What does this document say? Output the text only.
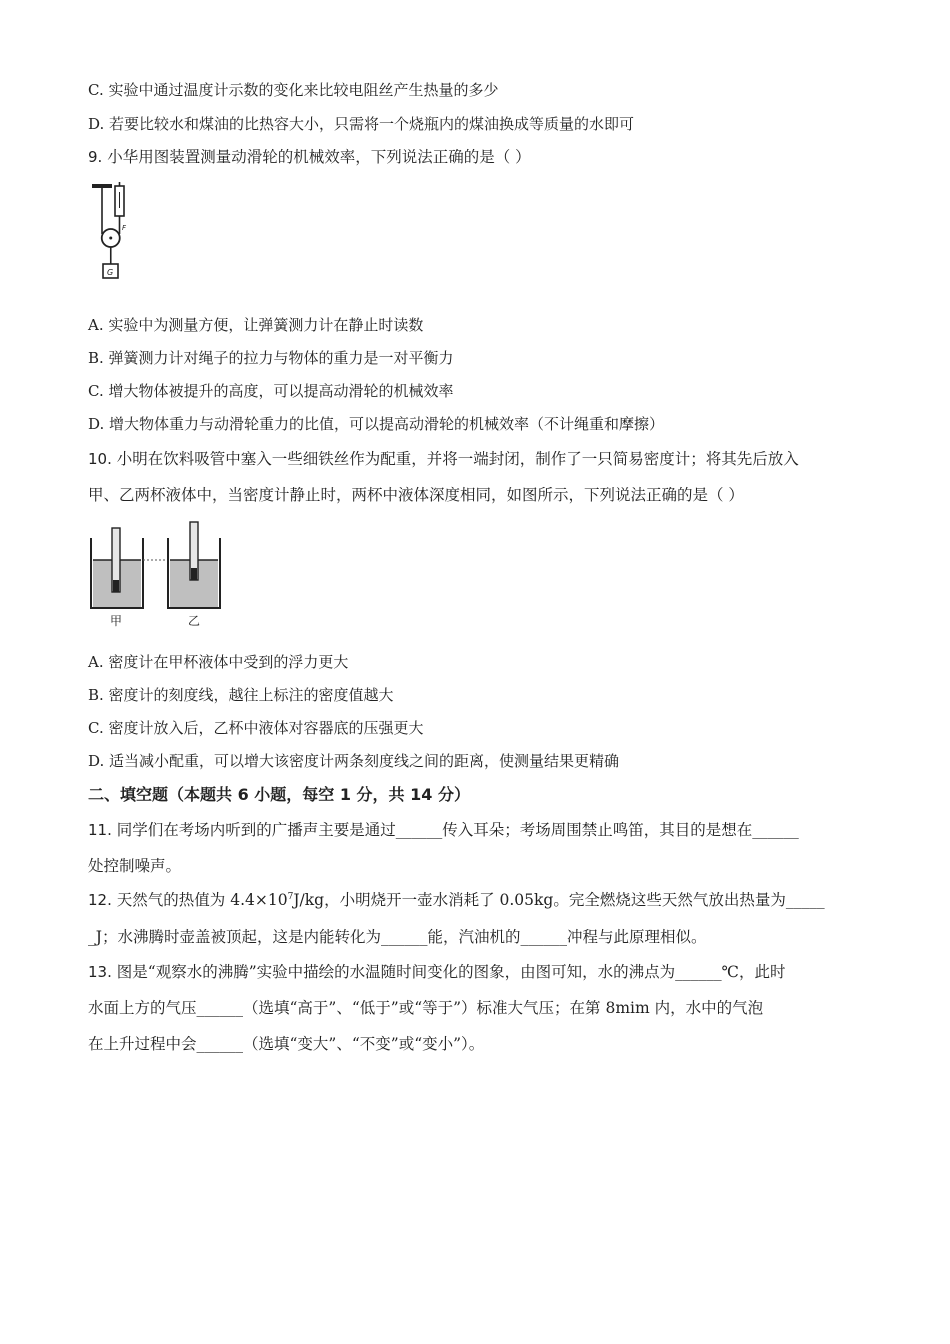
C. 实验中通过温度计示数的变化来比较电阻丝产生热量的多少
D. 若要比较水和煤油的比热容大小，只需将一个烧瓶内的煤油换成等质量的水即可
9. 小华用图装置测量动滑轮的机械效率，下列说法正确的是（ ）
F
G
A. 实验中为测量方便，让弹簧测力计在静止时读数
B. 弹簧测力计对绳子的拉力与物体的重力是一对平衡力
C. 增大物体被提升的高度，可以提高动滑轮的机械效率
D. 增大物体重力与动滑轮重力的比值，可以提高动滑轮的机械效率（不计绳重和摩擦）
10. 小明在饮料吸管中塞入一些细铁丝作为配重，并将一端封闭，制作了一只简易密度计；将其先后放入
甲、乙两杯液体中，当密度计静止时，两杯中液体深度相同，如图所示，下列说法正确的是（ ）
甲	乙
A. 密度计在甲杯液体中受到的浮力更大
B. 密度计的刻度线，越往上标注的密度值越大
C. 密度计放入后，乙杯中液体对容器底的压强更大
D. 适当减小配重，可以增大该密度计两条刻度线之间的距离，使测量结果更精确
二、填空题（本题共 6 小题，每空 1 分，共 14 分）
11. 同学们在考场内听到的广播声主要是通过______传入耳朵；考场周围禁止鸣笛，其目的是想在______
处控制噪声。
12. 天然气的热值为 $4.4\times 10^7J/kg$，小明烧开一壶水消耗了 0.05kg。完全燃烧这些天然气放出热量为_____
_J；水沸腾时壶盖被顶起，这是内能转化为______能，汽油机的______冲程与此原理相似。
13. 图是“观察水的沸腾”实验中描绘的水温随时间变化的图象，由图可知，水的沸点为______℃，此时
水面上方的气压______（选填“高于”、“低于”或“等于”）标准大气压；在第 8mim 内，水中的气泡
在上升过程中会______（选填“变大”、“不变”或“变小”）。
